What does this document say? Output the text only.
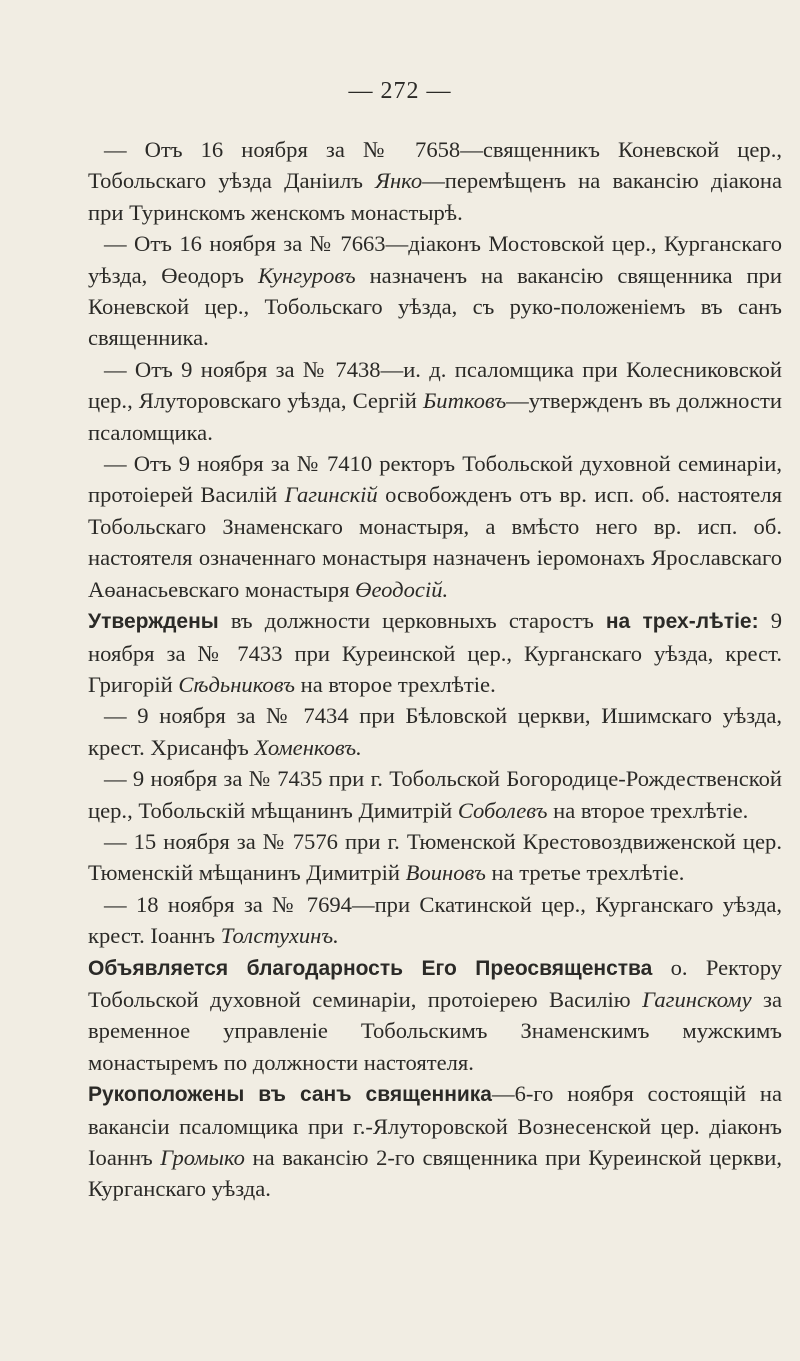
— 272 —

— Отъ 16 ноября за № 7658—священникъ Коневской цер., Тобольскаго уѣзда Даніилъ Янко—перемѣщенъ на вакансію діакона при Туринскомъ женскомъ монастырѣ.

— Отъ 16 ноября за № 7663—діаконъ Мостовской цер., Курганскаго уѣзда, Өеодоръ Кунгуровъ назначенъ на вакансію священника при Коневской цер., Тобольскаго уѣзда, съ руко-положеніемъ въ санъ священника.

— Отъ 9 ноября за № 7438—и. д. псаломщика при Колесниковской цер., Ялуторовскаго уѣзда, Сергій Битковъ—утвержденъ въ должности псаломщика.

— Отъ 9 ноября за № 7410 ректоръ Тобольской духовной семинаріи, протоіерей Василій Гагинскій освобожденъ отъ вр. исп. об. настоятеля Тобольскаго Знаменскаго монастыря, а вмѣсто него вр. исп. об. настоятеля означеннаго монастыря назначенъ іеромонахъ Ярославскаго Аөанасьевскаго монастыря Өеодосій.

Утверждены въ должности церковныхъ старостъ на трех-лѣтіе: 9 ноября за № 7433 при Куреинской цер., Курганскаго уѣзда, крест. Григорій Сѣдьниковъ на второе трехлѣтіе.

— 9 ноября за № 7434 при Бѣловской церкви, Ишимскаго уѣзда, крест. Хрисанфъ Хоменковъ.

— 9 ноября за № 7435 при г. Тобольской Богородице-Рождественской цер., Тобольскій мѣщанинъ Димитрій Соболевъ на второе трехлѣтіе.

— 15 ноября за № 7576 при г. Тюменской Крестовоздвиженской цер. Тюменскій мѣщанинъ Димитрій Воиновъ на третье трехлѣтіе.

— 18 ноября за № 7694—при Скатинской цер., Курганскаго уѣзда, крест. Іоаннъ Толстухинъ.

Объявляется благодарность Его Преосвященства о. Ректору Тобольской духовной семинаріи, протоіерею Василію Гагинскому за временное управленіе Тобольскимъ Знаменскимъ мужскимъ монастыремъ по должности настоятеля.

Рукоположены въ санъ священника—6-го ноября состоящій на вакансіи псаломщика при г.-Ялуторовской Вознесенской цер. діаконъ Іоаннъ Громыко на вакансію 2-го священника при Куреинской церкви, Курганскаго уѣзда.
